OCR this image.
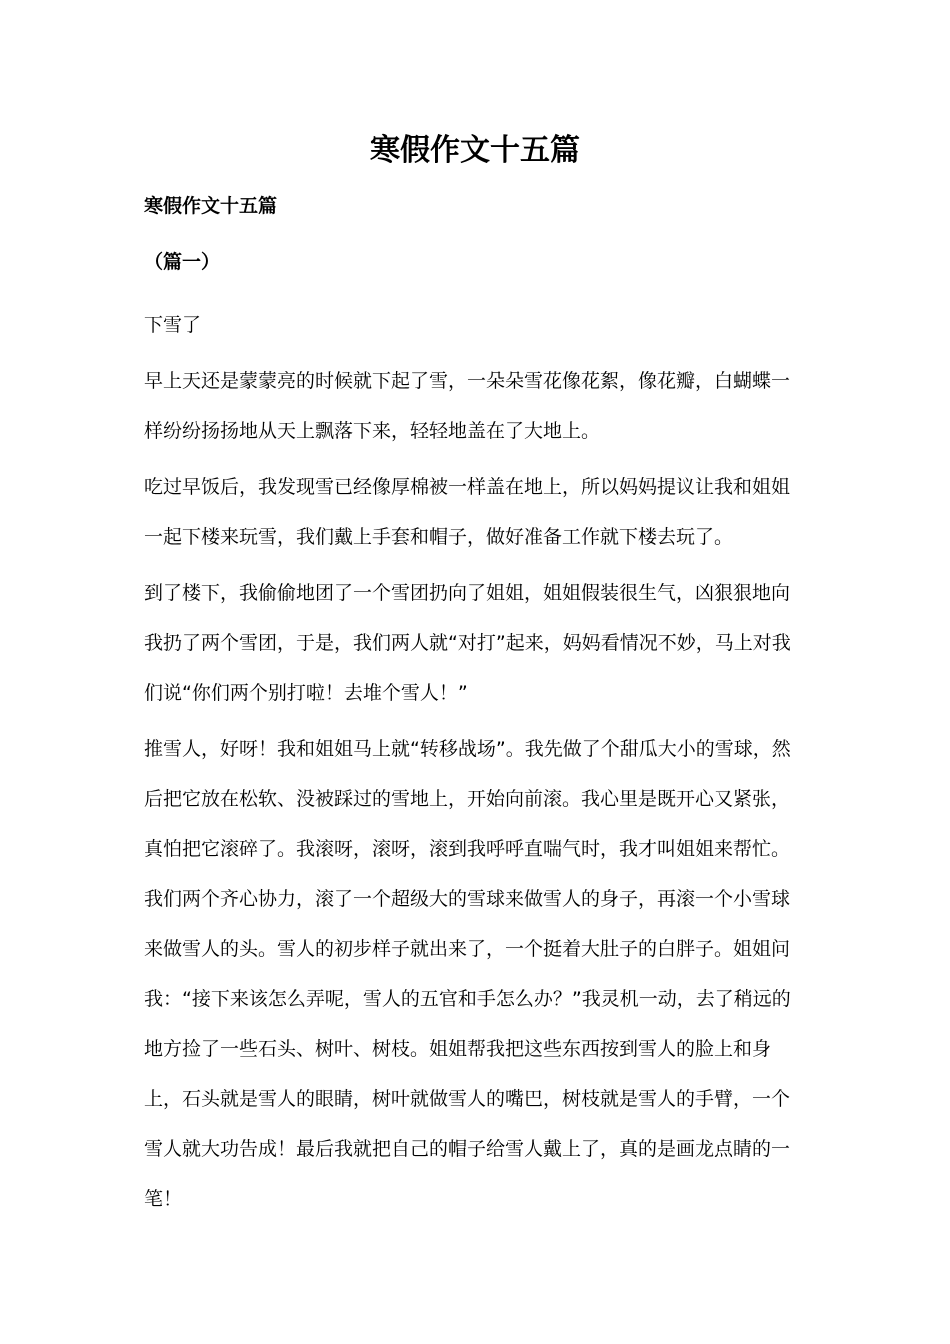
寒假作文十五篇
寒假作文十五篇
（篇一）

下雪了

早上天还是蒙蒙亮的时候就下起了雪，一朵朵雪花像花絮，像花瓣，白蝴蝶一样纷纷扬扬地从天上飘落下来，轻轻地盖在了大地上。

吃过早饭后，我发现雪已经像厚棉被一样盖在地上，所以妈妈提议让我和姐姐一起下楼来玩雪，我们戴上手套和帽子，做好准备工作就下楼去玩了。

到了楼下，我偷偷地团了一个雪团扔向了姐姐，姐姐假装很生气，凶狠狠地向我扔了两个雪团，于是，我们两人就“对打”起来，妈妈看情况不妙，马上对我们说“你们两个别打啦！去堆个雪人！”

推雪人，好呀！我和姐姐马上就“转移战场”。我先做了个甜瓜大小的雪球，然后把它放在松软、没被踩过的雪地上，开始向前滚。我心里是既开心又紧张，真怕把它滚碎了。我滚呀，滚呀，滚到我呼呼直喘气时，我才叫姐姐来帮忙。我们两个齐心协力，滚了一个超级大的雪球来做雪人的身子，再滚一个小雪球来做雪人的头。雪人的初步样子就出来了，一个挺着大肚子的白胖子。姐姐问我：“接下来该怎么弄呢，雪人的五官和手怎么办？”我灵机一动，去了稍远的地方捡了一些石头、树叶、树枝。姐姐帮我把这些东西按到雪人的脸上和身上，石头就是雪人的眼睛，树叶就做雪人的嘴巴，树枝就是雪人的手臂，一个雪人就大功告成！最后我就把自己的帽子给雪人戴上了，真的是画龙点睛的一笔！
